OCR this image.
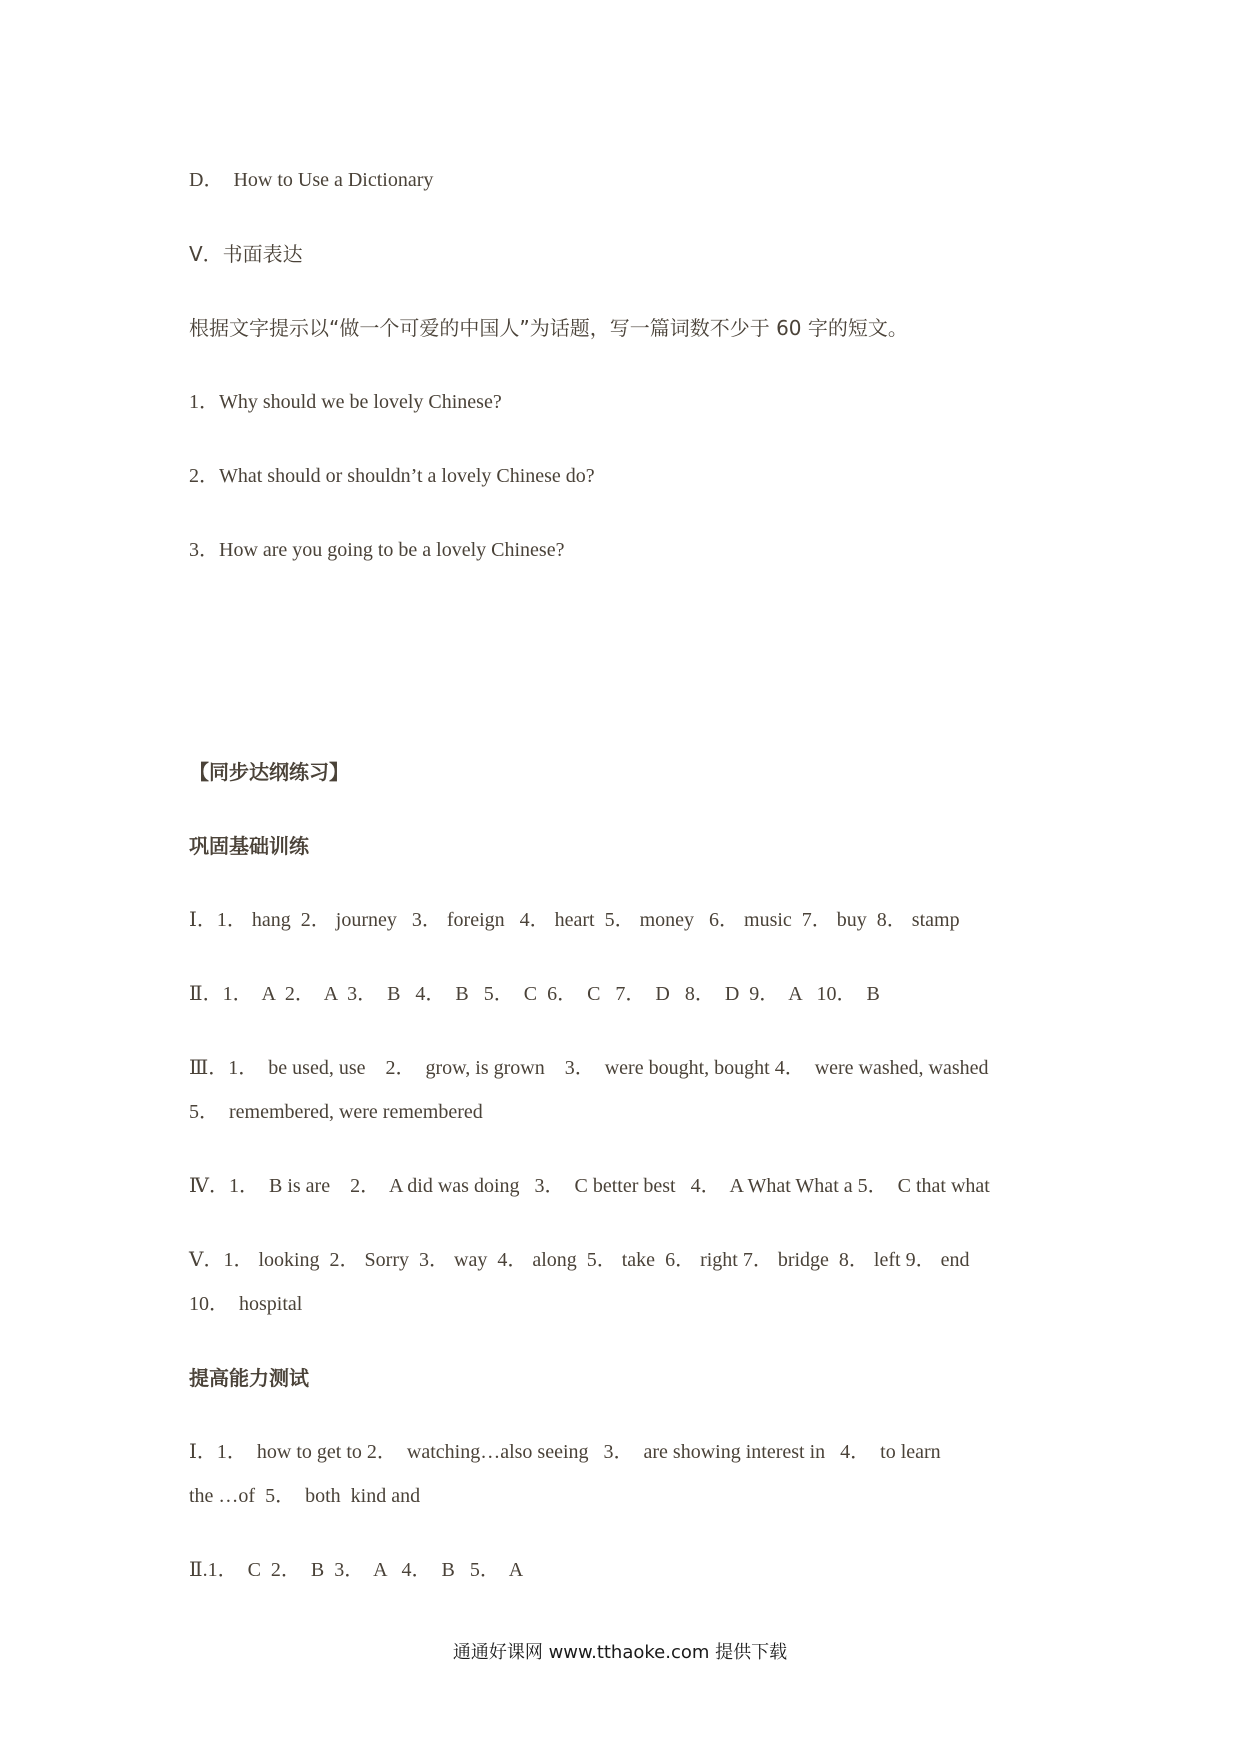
D．  How to Use a Dictionary
Ⅴ．书面表达
根据文字提示以“做一个可爱的中国人”为话题，写一篇词数不少于 60 字的短文。
1．Why should we be lovely Chinese?
2．What should or shouldn’t a lovely Chinese do?
3．How are you going to be a lovely Chinese?
【同步达纲练习】
巩固基础训练
Ⅰ．1． hang  2． journey   3． foreign   4． heart  5． money   6． music  7． buy  8． stamp
Ⅱ．1．  A  2．  A  3．  B   4．  B   5．  C  6．  C   7．  D   8．  D  9．  A   10．  B
Ⅲ．1．  be used, use    2．  grow, is grown    3．  were bought, bought 4．  were washed, washed
5．  remembered, were remembered
Ⅳ．1．  B is are    2．  A did was doing   3．  C better best   4．  A What What a 5．  C that what
Ⅴ．1． looking  2． Sorry  3． way  4． along  5． take  6． right 7． bridge  8． left 9． end
10．  hospital
提高能力测试
Ⅰ．1．  how to get to 2．  watching…also seeing   3．  are showing interest in   4．  to learn
the …of  5．  both  kind and
Ⅱ.1．  C  2．  B  3．  A   4．  B   5．  A
通通好课网 www.tthaoke.com 提供下载
